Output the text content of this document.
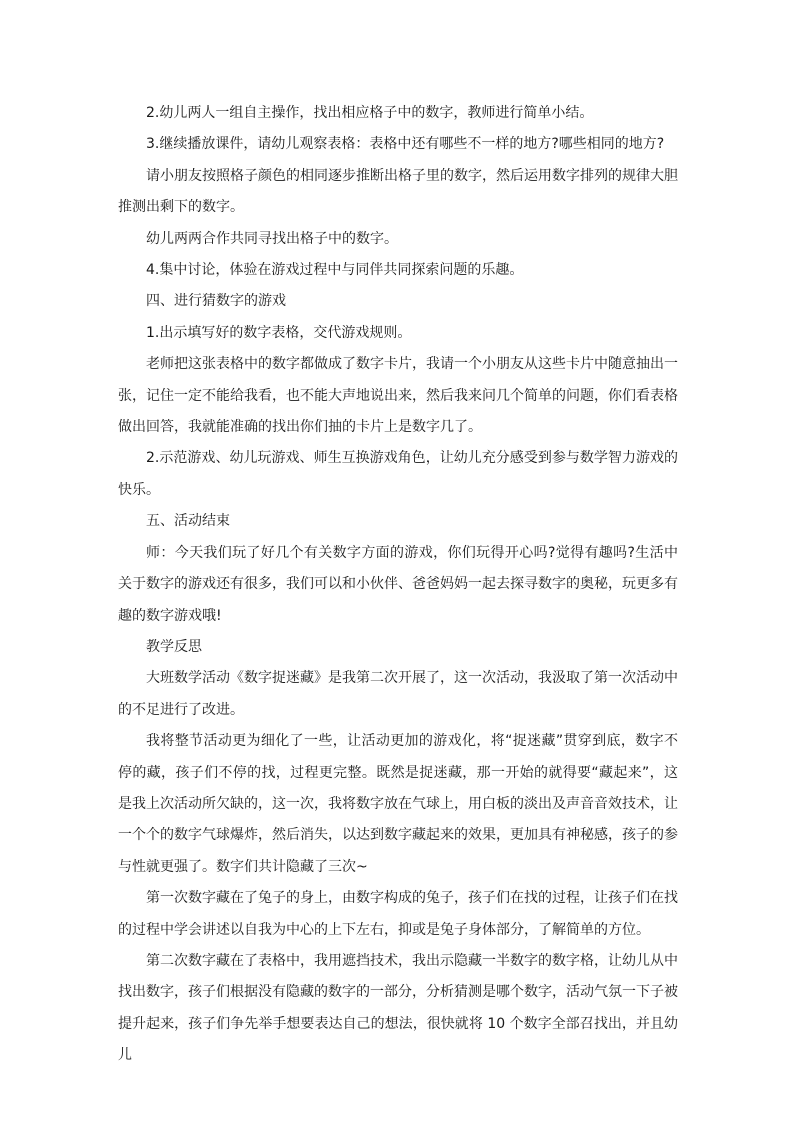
2.幼儿两人一组自主操作，找出相应格子中的数字，教师进行简单小结。

3.继续播放课件，请幼儿观察表格：表格中还有哪些不一样的地方?哪些相同的地方?

请小朋友按照格子颜色的相同逐步推断出格子里的数字，然后运用数字排列的规律大胆推测出剩下的数字。

幼儿两两合作共同寻找出格子中的数字。

4.集中讨论，体验在游戏过程中与同伴共同探索问题的乐趣。

四、进行猜数字的游戏

1.出示填写好的数字表格，交代游戏规则。

老师把这张表格中的数字都做成了数字卡片，我请一个小朋友从这些卡片中随意抽出一张，记住一定不能给我看，也不能大声地说出来，然后我来问几个简单的问题，你们看表格做出回答，我就能准确的找出你们抽的卡片上是数字几了。

2.示范游戏、幼儿玩游戏、师生互换游戏角色，让幼儿充分感受到参与数学智力游戏的快乐。

五、活动结束

师：今天我们玩了好几个有关数字方面的游戏，你们玩得开心吗?觉得有趣吗?生活中关于数字的游戏还有很多，我们可以和小伙伴、爸爸妈妈一起去探寻数字的奥秘，玩更多有趣的数字游戏哦!

教学反思

大班数学活动《数字捉迷藏》是我第二次开展了，这一次活动，我汲取了第一次活动中的不足进行了改进。

我将整节活动更为细化了一些，让活动更加的游戏化，将“捉迷藏”贯穿到底，数字不停的藏，孩子们不停的找，过程更完整。既然是捉迷藏，那一开始的就得要“藏起来”，这是我上次活动所欠缺的，这一次，我将数字放在气球上，用白板的淡出及声音音效技术，让一个个的数字气球爆炸，然后消失，以达到数字藏起来的效果，更加具有神秘感，孩子的参与性就更强了。数字们共计隐藏了三次~

第一次数字藏在了兔子的身上，由数字构成的兔子，孩子们在找的过程，让孩子们在找的过程中学会讲述以自我为中心的上下左右，抑或是兔子身体部分，了解简单的方位。

第二次数字藏在了表格中，我用遮挡技术，我出示隐藏一半数字的数字格，让幼儿从中找出数字，孩子们根据没有隐藏的数字的一部分，分析猜测是哪个数字，活动气氛一下子被提升起来，孩子们争先举手想要表达自己的想法，很快就将 10 个数字全部召找出，并且幼儿
